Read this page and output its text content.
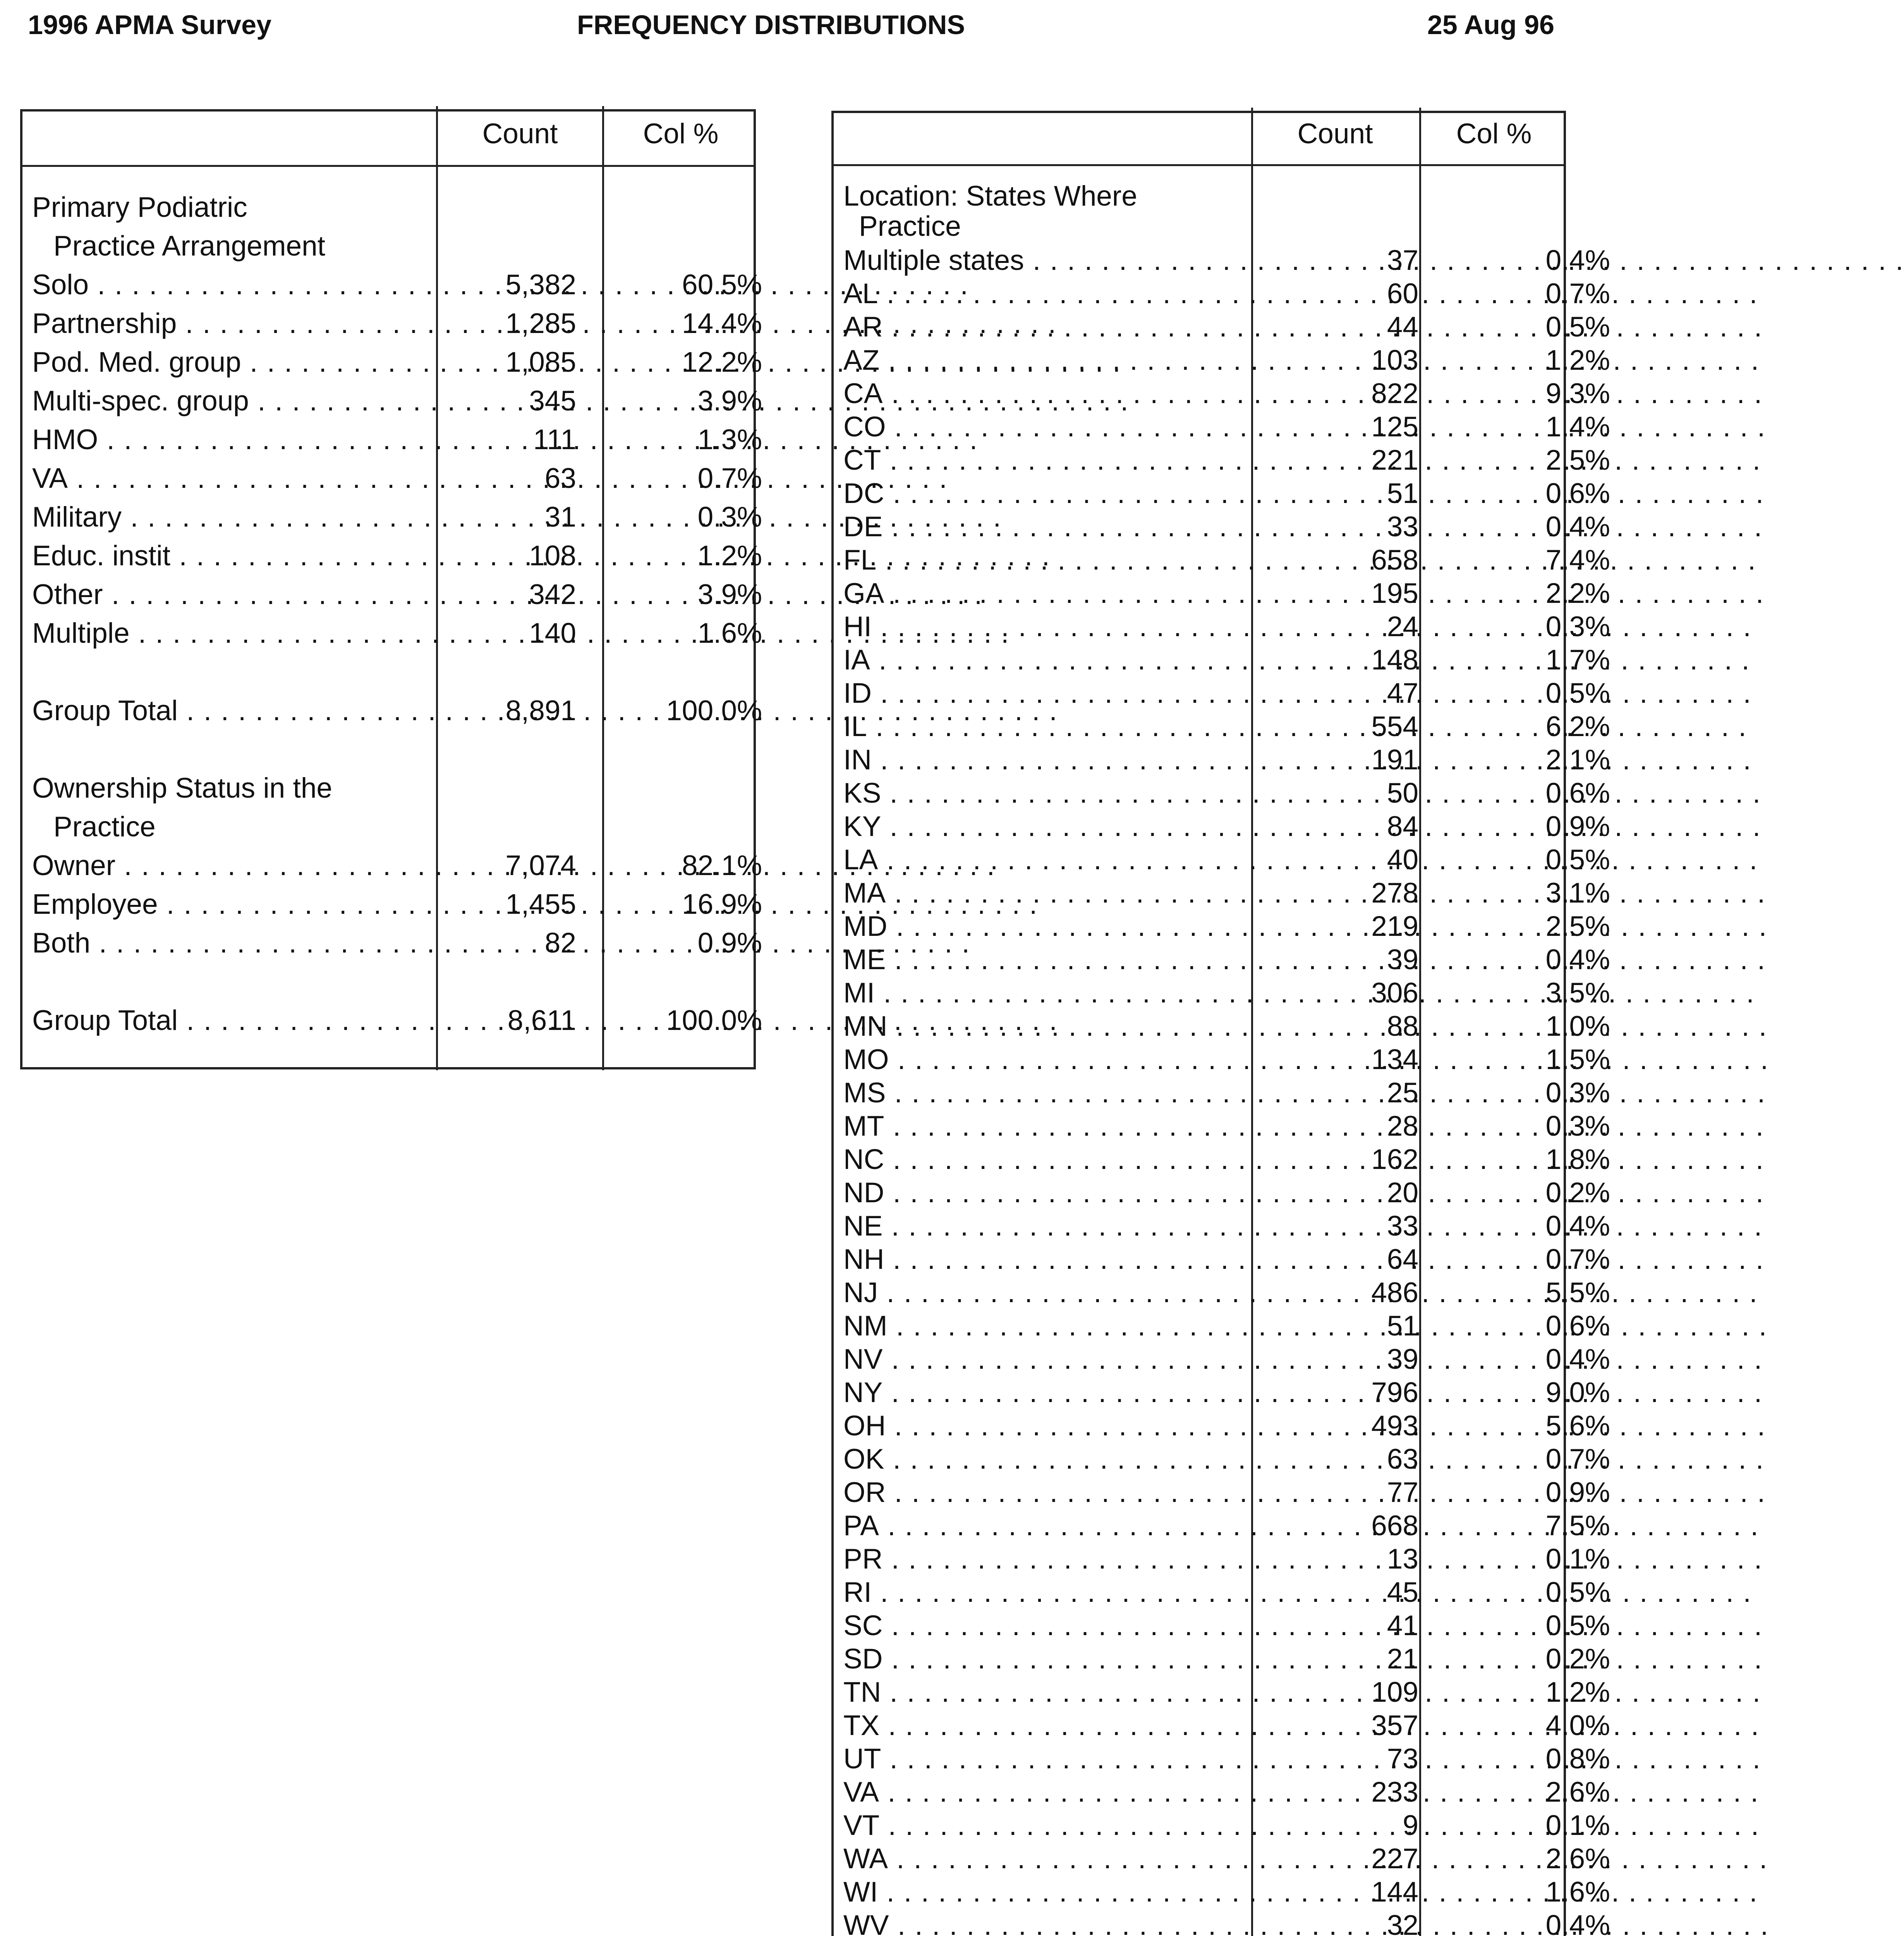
1996 APMA Survey	FREQUENCY DISTRIBUTIONS	25 Aug 96
Count	Col %
Primary Podiatric
Practice Arrangement
Solo . . .	5,382	60.5%
Partnership . . .	1,285	14.4%
Pod. Med. group . . .	1,085	12.2%
Multi-spec. group . . .	345	3.9%
HMO . . .	111	1.3%
VA . . .	63	0.7%
Military . . .	31	0.3%
Educ. instit . . .	108	1.2%
Other . . .	342	3.9%
Multiple . . .	140	1.6%
Group Total . . .	8,891	100.0%
Ownership Status in the
Practice
Owner . . .	7,074	82.1%
Employee . . .	1,455	16.9%
Both . . .	82	0.9%
Group Total . . .	8,611	100.0%
Count	Col %
Location: States Where
Practice
Multiple states . . .	37	0.4%
AL . . .	60	0.7%
AR . . .	44	0.5%
AZ . . .	103	1.2%
CA . . .	822	9.3%
CO . . .	125	1.4%
CT . . .	221	2.5%
DC . . .	51	0.6%
DE . . .	33	0.4%
FL . . .	658	7.4%
GA . . .	195	2.2%
HI . . .	24	0.3%
IA . . .	148	1.7%
ID . . .	47	0.5%
IL . . .	554	6.2%
IN . . .	191	2.1%
KS . . .	50	0.6%
KY . . .	84	0.9%
LA . . .	40	0.5%
MA . . .	278	3.1%
MD . . .	219	2.5%
ME . . .	39	0.4%
MI . . .	306	3.5%
MN . . .	88	1.0%
MO . . .	134	1.5%
MS . . .	25	0.3%
MT . . .	28	0.3%
NC . . .	162	1.8%
ND . . .	20	0.2%
NE . . .	33	0.4%
NH . . .	64	0.7%
NJ . . .	486	5.5%
NM . . .	51	0.6%
NV . . .	39	0.4%
NY . . .	796	9.0%
OH . . .	493	5.6%
OK . . .	63	0.7%
OR . . .	77	0.9%
PA . . .	668	7.5%
PR . . .	13	0.1%
RI . . .	45	0.5%
SC . . .	41	0.5%
SD . . .	21	0.2%
TN . . .	109	1.2%
TX . . .	357	4.0%
UT . . .	73	0.8%
VA . . .	233	2.6%
VT . . .	9	0.1%
WA . . .	227	2.6%
WI . . .	144	1.6%
WV . . .	32	0.4%
